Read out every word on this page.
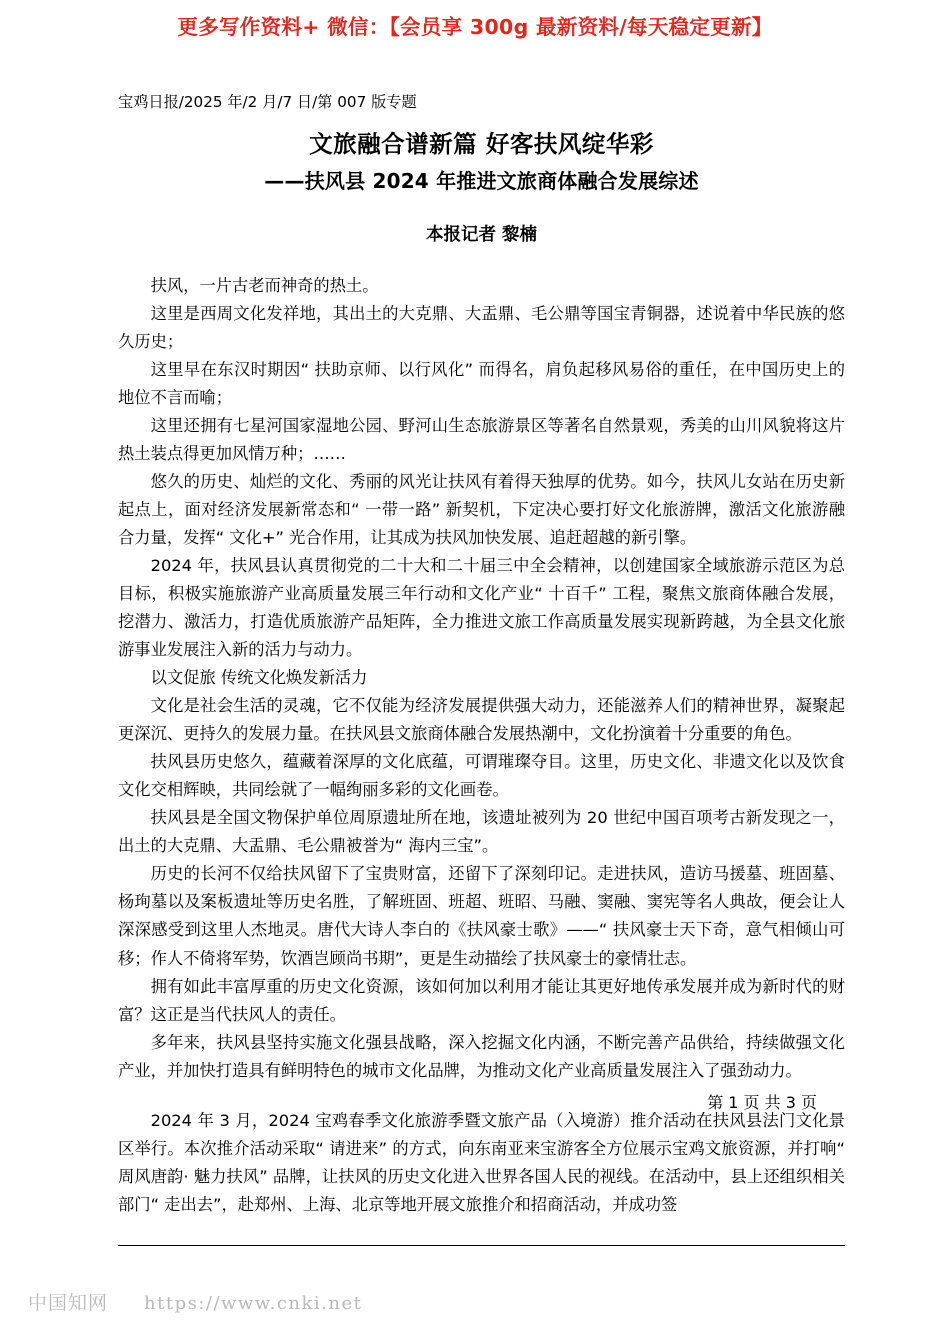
更多写作资料+ 微信：【会员享 300g 最新资料/每天稳定更新】
宝鸡日报/2025 年/2 月/7 日/第 007 版专题
文旅融合谱新篇 好客扶风绽华彩
——扶风县 2024 年推进文旅商体融合发展综述
本报记者 黎楠

扶风，一片古老而神奇的热土。

这里是西周文化发祥地，其出土的大克鼎、大盂鼎、毛公鼎等国宝青铜器，述说着中华民族的悠久历史；

这里早在东汉时期因“ 扶助京师、以行风化” 而得名，肩负起移风易俗的重任，在中国历史上的地位不言而喻；

这里还拥有七星河国家湿地公园、野河山生态旅游景区等著名自然景观，秀美的山川风貌将这片热土装点得更加风情万种；……

悠久的历史、灿烂的文化、秀丽的风光让扶风有着得天独厚的优势。如今，扶风儿女站在历史新起点上，面对经济发展新常态和“ 一带一路” 新契机，下定决心要打好文化旅游牌，激活文化旅游融合力量，发挥“ 文化+” 光合作用，让其成为扶风加快发展、追赶超越的新引擎。

2024 年，扶风县认真贯彻党的二十大和二十届三中全会精神，以创建国家全域旅游示范区为总目标，积极实施旅游产业高质量发展三年行动和文化产业“ 十百千” 工程，聚焦文旅商体融合发展，挖潜力、激活力，打造优质旅游产品矩阵，全力推进文旅工作高质量发展实现新跨越，为全县文化旅游事业发展注入新的活力与动力。

以文促旅 传统文化焕发新活力

文化是社会生活的灵魂，它不仅能为经济发展提供强大动力，还能滋养人们的精神世界，凝聚起更深沉、更持久的发展力量。在扶风县文旅商体融合发展热潮中，文化扮演着十分重要的角色。

扶风县历史悠久，蕴藏着深厚的文化底蕴，可谓璀璨夺目。这里，历史文化、非遗文化以及饮食文化交相辉映，共同绘就了一幅绚丽多彩的文化画卷。

扶风县是全国文物保护单位周原遗址所在地，该遗址被列为 20 世纪中国百项考古新发现之一，出土的大克鼎、大盂鼎、毛公鼎被誉为“ 海内三宝”。

历史的长河不仅给扶风留下了宝贵财富，还留下了深刻印记。走进扶风，造访马援墓、班固墓、杨珣墓以及案板遗址等历史名胜，了解班固、班超、班昭、马融、窦融、窦宪等名人典故，便会让人深深感受到这里人杰地灵。唐代大诗人李白的《扶风豪士歌》——“ 扶风豪士天下奇，意气相倾山可移；作人不倚将军势，饮酒岂顾尚书期”，更是生动描绘了扶风豪士的豪情壮志。

拥有如此丰富厚重的历史文化资源，该如何加以利用才能让其更好地传承发展并成为新时代的财富？这正是当代扶风人的责任。

多年来，扶风县坚持实施文化强县战略，深入挖掘文化内涵，不断完善产品供给，持续做强文化产业，并加快打造具有鲜明特色的城市文化品牌，为推动文化产业高质量发展注入了强劲动力。

2024 年 3 月，2024 宝鸡春季文化旅游季暨文旅产品（入境游）推介活动在扶风县法门文化景区举行。本次推介活动采取“ 请进来” 的方式，向东南亚来宝游客全方位展示宝鸡文旅资源，并打响“ 周风唐韵· 魅力扶风” 品牌，让扶风的历史文化进入世界各国人民的视线。在活动中，县上还组织相关部门“ 走出去”，赴郑州、上海、北京等地开展文旅推介和招商活动，并成功签

第 1 页 共 3 页
中国知网 https://www.cnki.net
